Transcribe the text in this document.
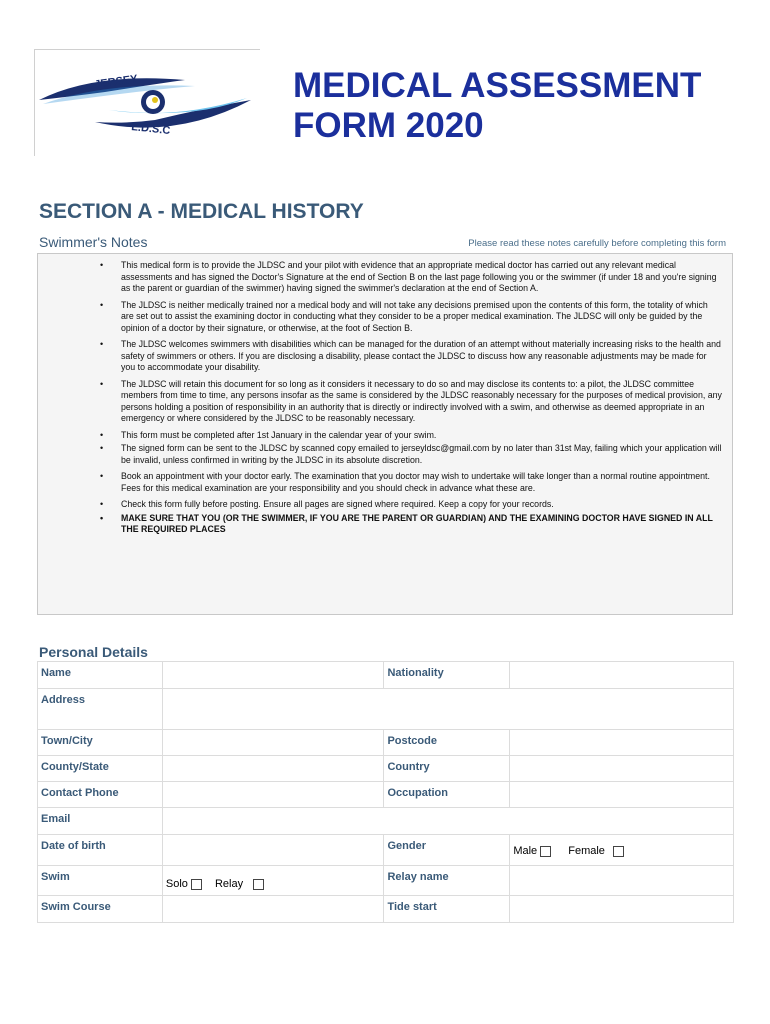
JERSEY
L.D.S.C
MEDICAL ASSESSMENT
FORM 2020
SECTION A - MEDICAL HISTORY
Swimmer's Notes	Please read these notes carefully before completing this form
• This medical form is to provide the JLDSC and your pilot with evidence that an appropriate medical doctor has carried out any relevant medical assessments and has signed the Doctor's Signature at the end of Section B on the last page following you or the swimmer (if under 18 and you're signing as the parent or guardian of the swimmer) having signed the swimmer's declaration at the end of Section A.
• The JLDSC is neither medically trained nor a medical body and will not take any decisions premised upon the contents of this form, the totality of which are set out to assist the examining doctor in conducting what they consider to be a proper medical examination. The JLDSC will only be guided by the opinion of a doctor by their signature, or otherwise, at the foot of Section B.
• The JLDSC welcomes swimmers with disabilities which can be managed for the duration of an attempt without materially increasing risks to the health and safety of swimmers or others. If you are disclosing a disability, please contact the JLDSC to discuss how any reasonable adjustments may be made for you to accommodate your disability.
• The JLDSC will retain this document for so long as it considers it necessary to do so and may disclose its contents to: a pilot, the JLDSC committee members from time to time, any persons insofar as the same is considered by the JLDSC reasonably necessary for the purposes of medical provision, any persons holding a position of responsibility in an authority that is directly or indirectly involved with a swim, and otherwise as deemed appropriate in an emergency or where considered by the JLDSC to be reasonably necessary.
• This form must be completed after 1st January in the calendar year of your swim.
• The signed form can be sent to the JLDSC by scanned copy emailed to jerseyldsc@gmail.com by no later than 31st May, failing which your application will be invalid, unless confirmed in writing by the JLDSC in its absolute discretion.
• Book an appointment with your doctor early. The examination that you doctor may wish to undertake will take longer than a normal routine appointment. Fees for this medical examination are your responsibility and you should check in advance what these are.
• Check this form fully before posting. Ensure all pages are signed where required. Keep a copy for your records.
• MAKE SURE THAT YOU (OR THE SWIMMER, IF YOU ARE THE PARENT OR GUARDIAN) AND THE EXAMINING DOCTOR HAVE SIGNED IN ALL THE REQUIRED PLACES
Personal Details
Name		Nationality	
Address			
Town/City		Postcode	
County/State		Country	
Contact Phone		Occupation	
Email			
Date of birth		Gender	Male Female
Swim	Solo Relay	Relay name	
Swim Course		Tide start	
